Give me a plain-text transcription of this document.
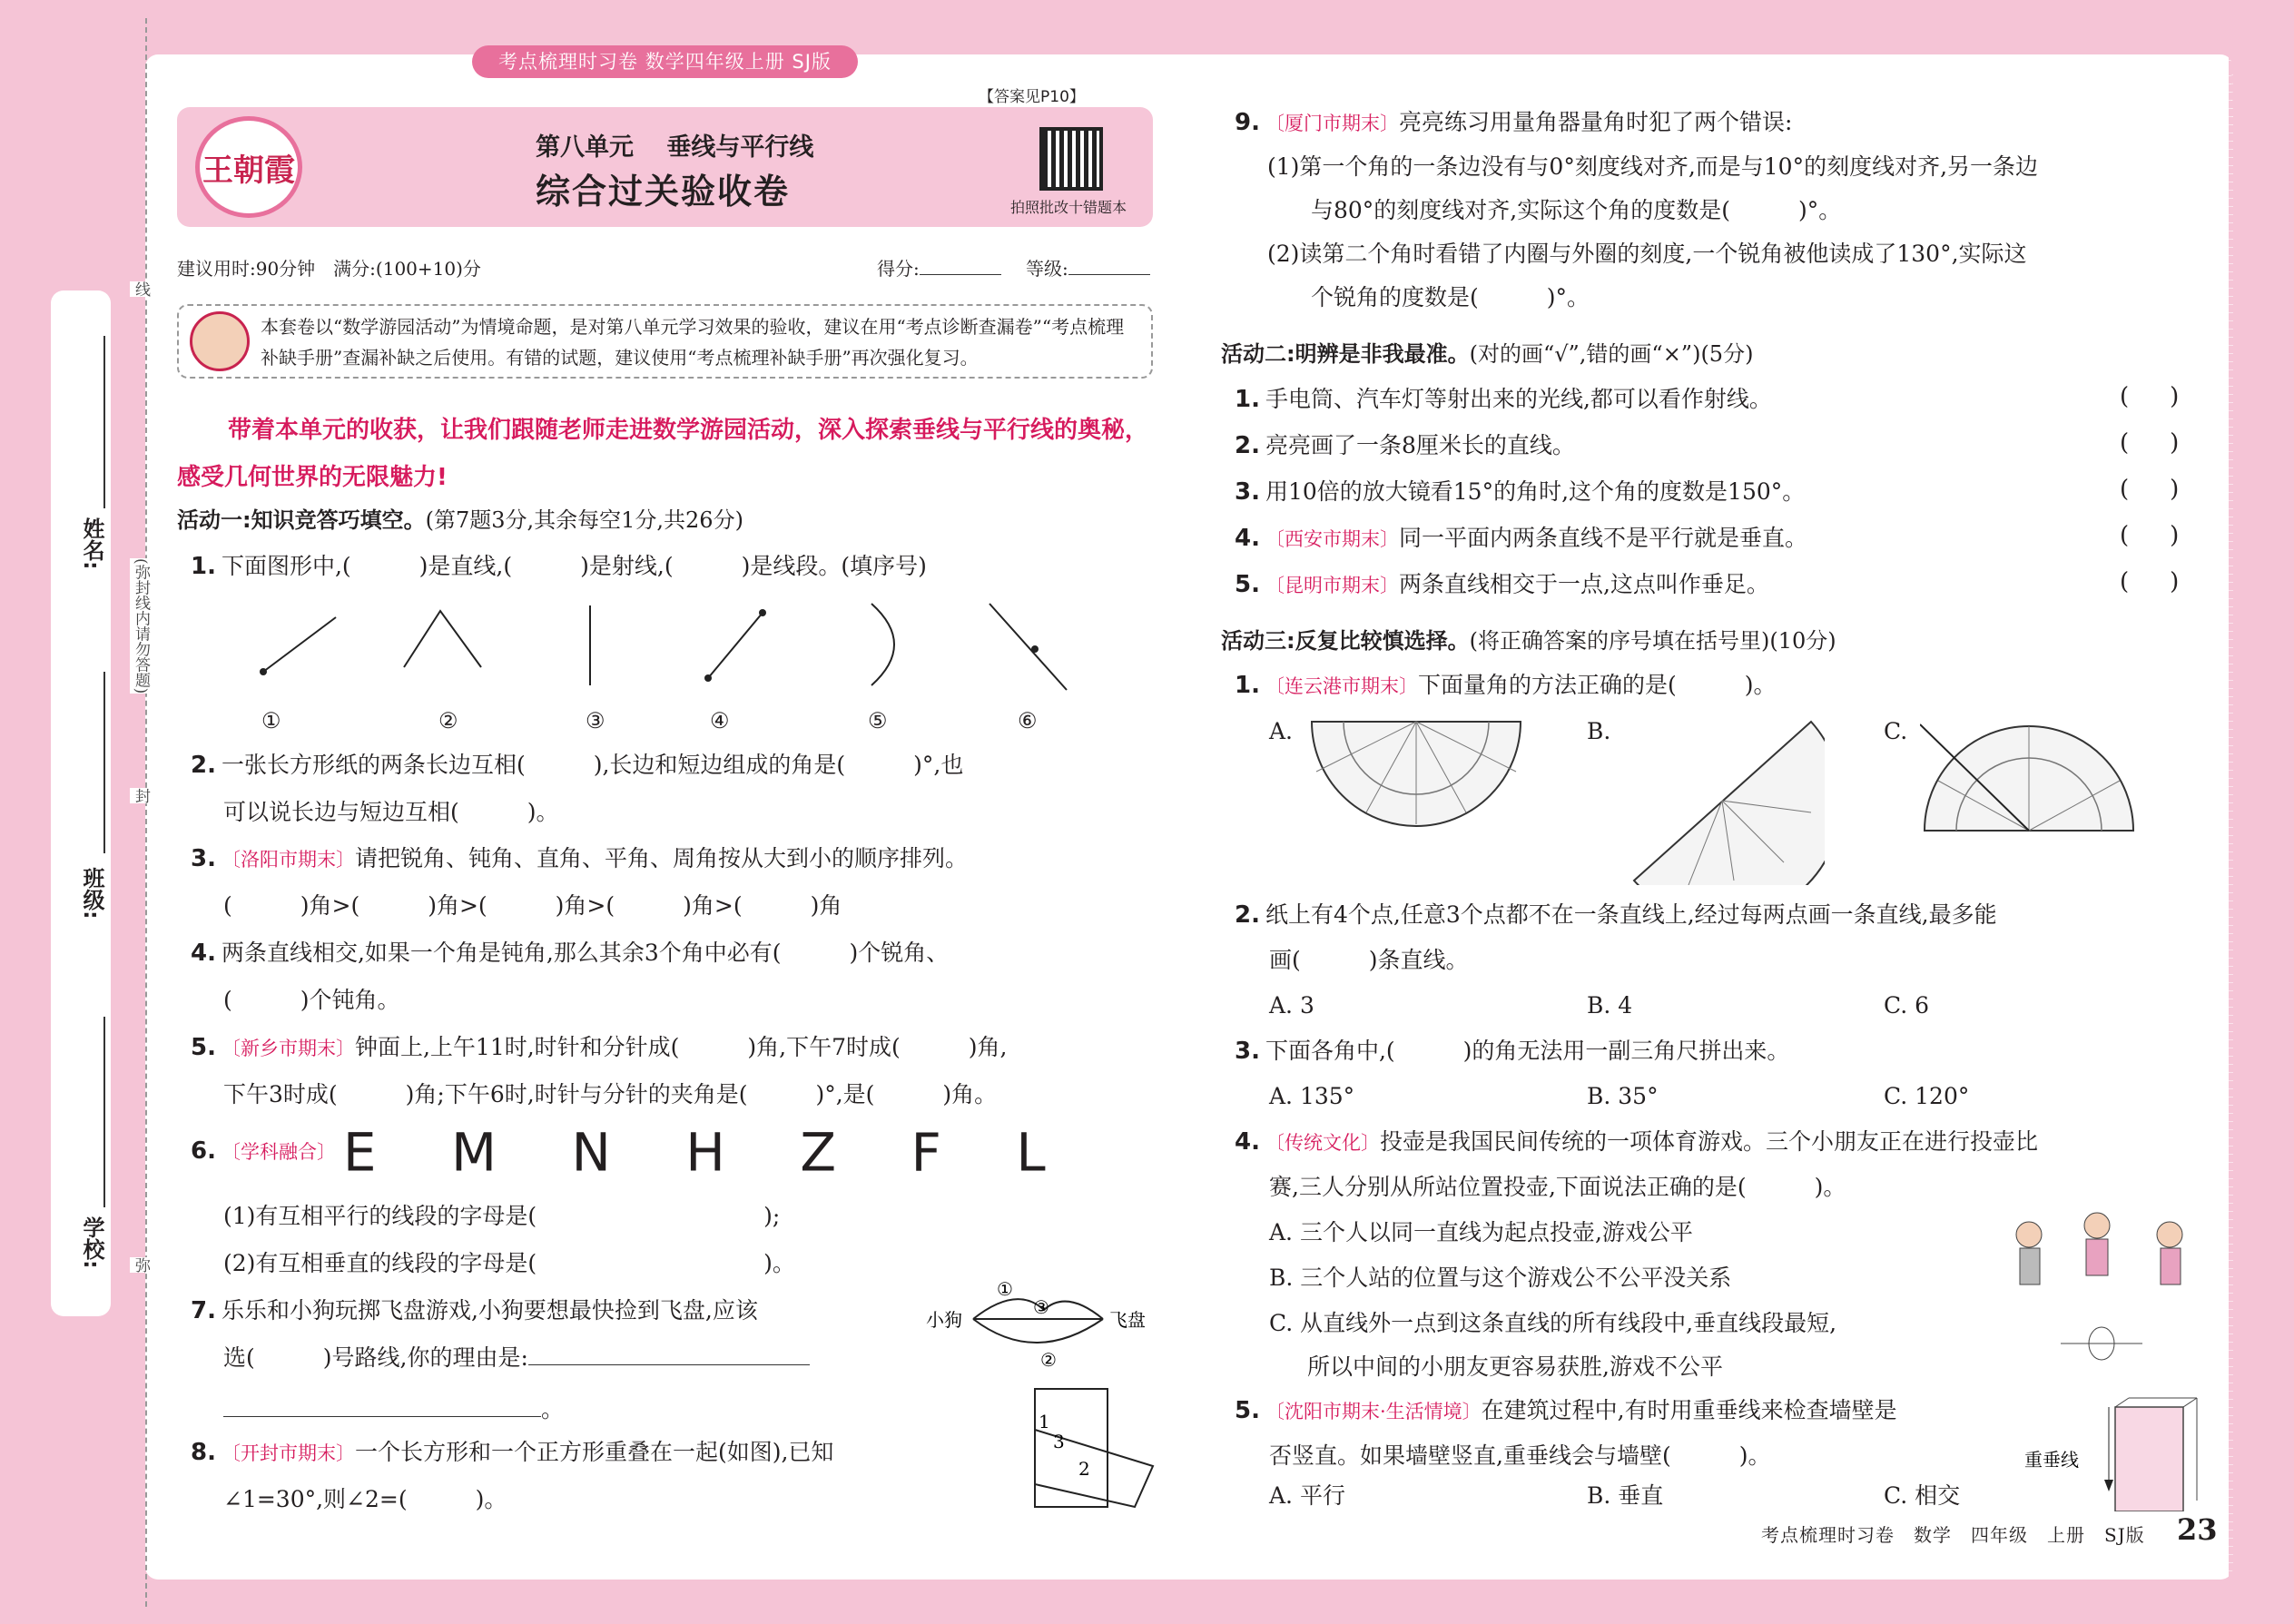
姓名:
班级:
学校:
线
(弥封线内请勿答题)
封
弥
考点梳理时习卷 数学四年级上册 SJ版
王朝霞
第八单元　 垂线与平行线
综合过关验收卷	拍照批改十错题本
【答案见P10】
建议用时:90分钟　满分:(100+10)分	得分:	等级:
本套卷以“数学游园活动”为情境命题，是对第八单元学习效果的验收，建议在用“考点诊断查漏卷”“考点梳理补缺手册”查漏补缺之后使用。有错的试题，建议使用“考点梳理补缺手册”再次强化复习。
带着本单元的收获，让我们跟随老师走进数学游园活动，深入探索垂线与平行线的奥秘，感受几何世界的无限魅力!
活动一:知识竞答巧填空。(第7题3分,其余每空1分,共26分)
1. 下面图形中,(　　　)是直线,(　　　)是射线,(　　　)是线段。(填序号)
①	②	③	④	⑤	⑥
2. 一张长方形纸的两条长边互相(　　　),长边和短边组成的角是(　　　)°,也
可以说长边与短边互相(　　　)。
3. 〔洛阳市期末〕请把锐角、钝角、直角、平角、周角按从大到小的顺序排列。
(　　　)角>(　　　)角>(　　　)角>(　　　)角>(　　　)角
4. 两条直线相交,如果一个角是钝角,那么其余3个角中必有(　　　)个锐角、
(　　　)个钝角。
5. 〔新乡市期末〕钟面上,上午11时,时针和分针成(　　　)角,下午7时成(　　　)角,
下午3时成(　　　)角;下午6时,时针与分针的夹角是(　　　)°,是(　　　)角。
6. 〔学科融合〕 E M N H Z F L
(1)有互相平行的线段的字母是(　　　　　　　　　　);
(2)有互相垂直的线段的字母是(　　　　　　　　　　)。
7. 乐乐和小狗玩掷飞盘游戏,小狗要想最快捡到飞盘,应该
选(　　　)号路线,你的理由是:
。
小狗	飞盘
①
③
②
8. 〔开封市期末〕一个长方形和一个正方形重叠在一起(如图),已知
∠1=30°,则∠2=(　　　)。
1
3
2
9. 〔厦门市期末〕亮亮练习用量角器量角时犯了两个错误:
(1)第一个角的一条边没有与0°刻度线对齐,而是与10°的刻度线对齐,另一条边
与80°的刻度线对齐,实际这个角的度数是(　　　)°。
(2)读第二个角时看错了内圈与外圈的刻度,一个锐角被他读成了130°,实际这
个锐角的度数是(　　　)°。
活动二:明辨是非我最准。(对的画“√”,错的画“×”)(5分)
1. 手电筒、汽车灯等射出来的光线,都可以看作射线。	()
2. 亮亮画了一条8厘米长的直线。	()
3. 用10倍的放大镜看15°的角时,这个角的度数是150°。	()
4. 〔西安市期末〕同一平面内两条直线不是平行就是垂直。	()
5. 〔昆明市期末〕两条直线相交于一点,这点叫作垂足。	()
活动三:反复比较慎选择。(将正确答案的序号填在括号里)(10分)
1. 〔连云港市期末〕下面量角的方法正确的是(　　　)。
A.	B.	C.
2. 纸上有4个点,任意3个点都不在一条直线上,经过每两点画一条直线,最多能
画(　　　)条直线。
A. 3	B. 4	C. 6
3. 下面各角中,(　　　)的角无法用一副三角尺拼出来。
A. 135°	B. 35°	C. 120°
4. 〔传统文化〕投壶是我国民间传统的一项体育游戏。三个小朋友正在进行投壶比
赛,三人分别从所站位置投壶,下面说法正确的是(　　　)。
A. 三个人以同一直线为起点投壶,游戏公平
B. 三个人站的位置与这个游戏公不公平没关系
C. 从直线外一点到这条直线的所有线段中,垂直线段最短,
所以中间的小朋友更容易获胜,游戏不公平
5. 〔沈阳市期末·生活情境〕在建筑过程中,有时用重垂线来检查墙壁是
否竖直。如果墙壁竖直,重垂线会与墙壁(　　　)。
A. 平行	B. 垂直	C. 相交
重垂线
考点梳理时习卷　数学　四年级　上册　SJ版 23
